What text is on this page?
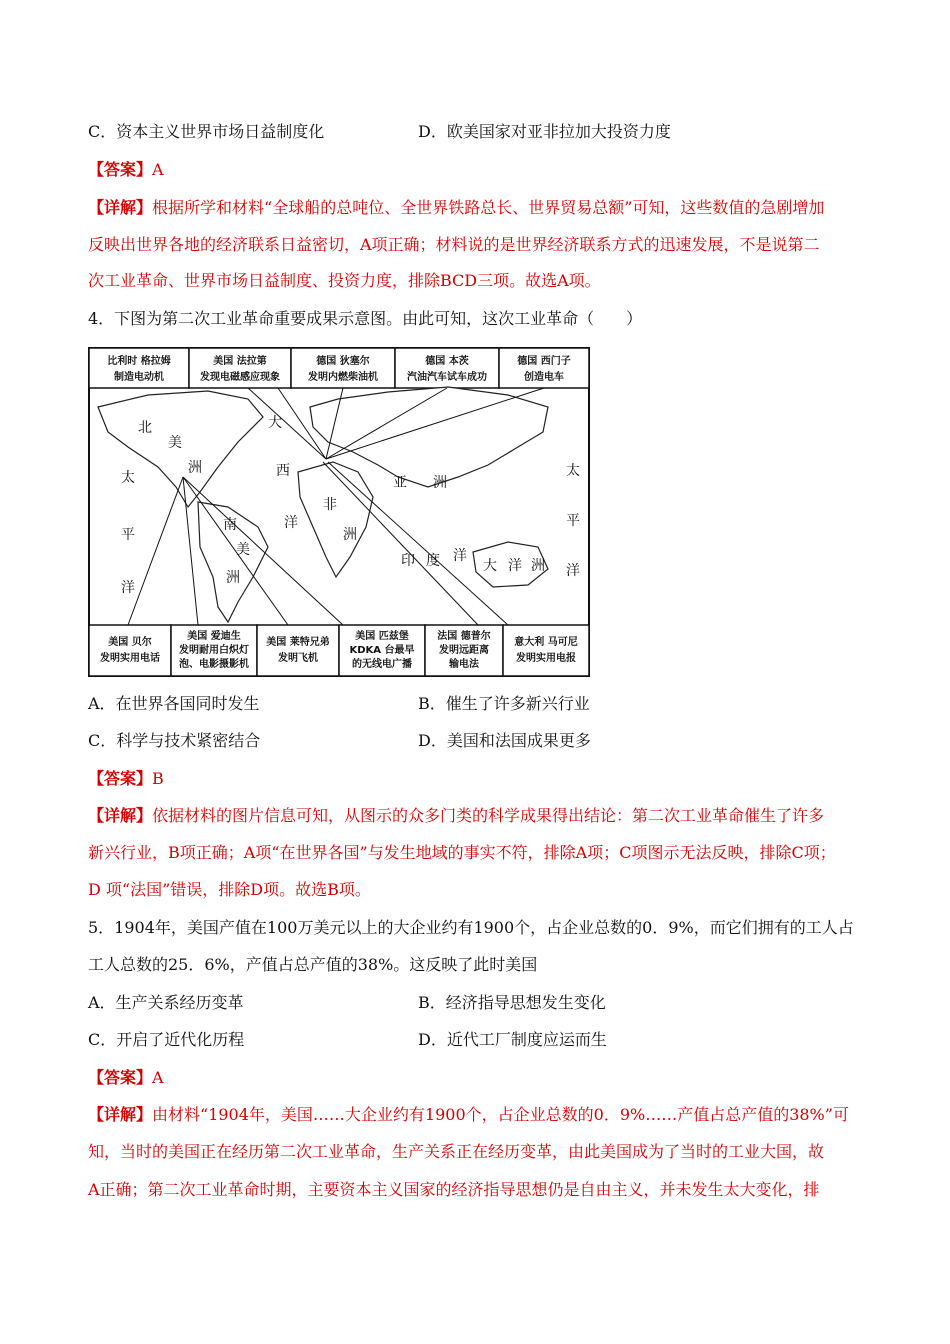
C．资本主义世界市场日益制度化	D．欧美国家对亚非拉加大投资力度
【答案】A
【详解】根据所学和材料“全球船的总吨位、全世界铁路总长、世界贸易总额”可知，这些数值的急剧增加
反映出世界各地的经济联系日益密切，A项正确；材料说的是世界经济联系方式的迅速发展，不是说第二
次工业革命、世界市场日益制度、投资力度，排除BCD三项。故选A项。
4．下图为第二次工业革命重要成果示意图。由此可知，这次工业革命（　　）
比利时 格拉姆
制造电动机
美国 法拉第
发现电磁感应现象
德国 狄塞尔
发明内燃柴油机
德国 本茨
汽油汽车试车成功
德国 西门子
创造电车
北
美
洲
太
平
洋
大
西
洋
非
洲
南
美
洲
亚 洲
印 度 洋
大 洋 洲
太
平
洋
美国 贝尔
发明实用电话
美国 爱迪生
发明耐用白炽灯
泡、电影摄影机
美国 莱特兄弟
发明飞机
美国 匹兹堡
KDKA 台最早
的无线电广播
法国 德普尔
发明远距离
输电法
意大利 马可尼
发明实用电报
A．在世界各国同时发生	B．催生了许多新兴行业
C．科学与技术紧密结合	D．美国和法国成果更多
【答案】B
【详解】依据材料的图片信息可知，从图示的众多门类的科学成果得出结论：第二次工业革命催生了许多
新兴行业，B项正确；A项“在世界各国”与发生地域的事实不符，排除A项；C项图示无法反映，排除C项；
D 项“法国”错误，排除D项。故选B项。
5．1904年，美国产值在100万美元以上的大企业约有1900个，占企业总数的0．9%，而它们拥有的工人占
工人总数的25．6%，产值占总产值的38%。这反映了此时美国
A．生产关系经历变革	B．经济指导思想发生变化
C．开启了近代化历程	D．近代工厂制度应运而生
【答案】A
【详解】由材料“1904年，美国……大企业约有1900个，占企业总数的0．9%……产值占总产值的38%”可
知，当时的美国正在经历第二次工业革命，生产关系正在经历变革，由此美国成为了当时的工业大国，故
A正确；第二次工业革命时期，主要资本主义国家的经济指导思想仍是自由主义，并未发生太大变化，排
